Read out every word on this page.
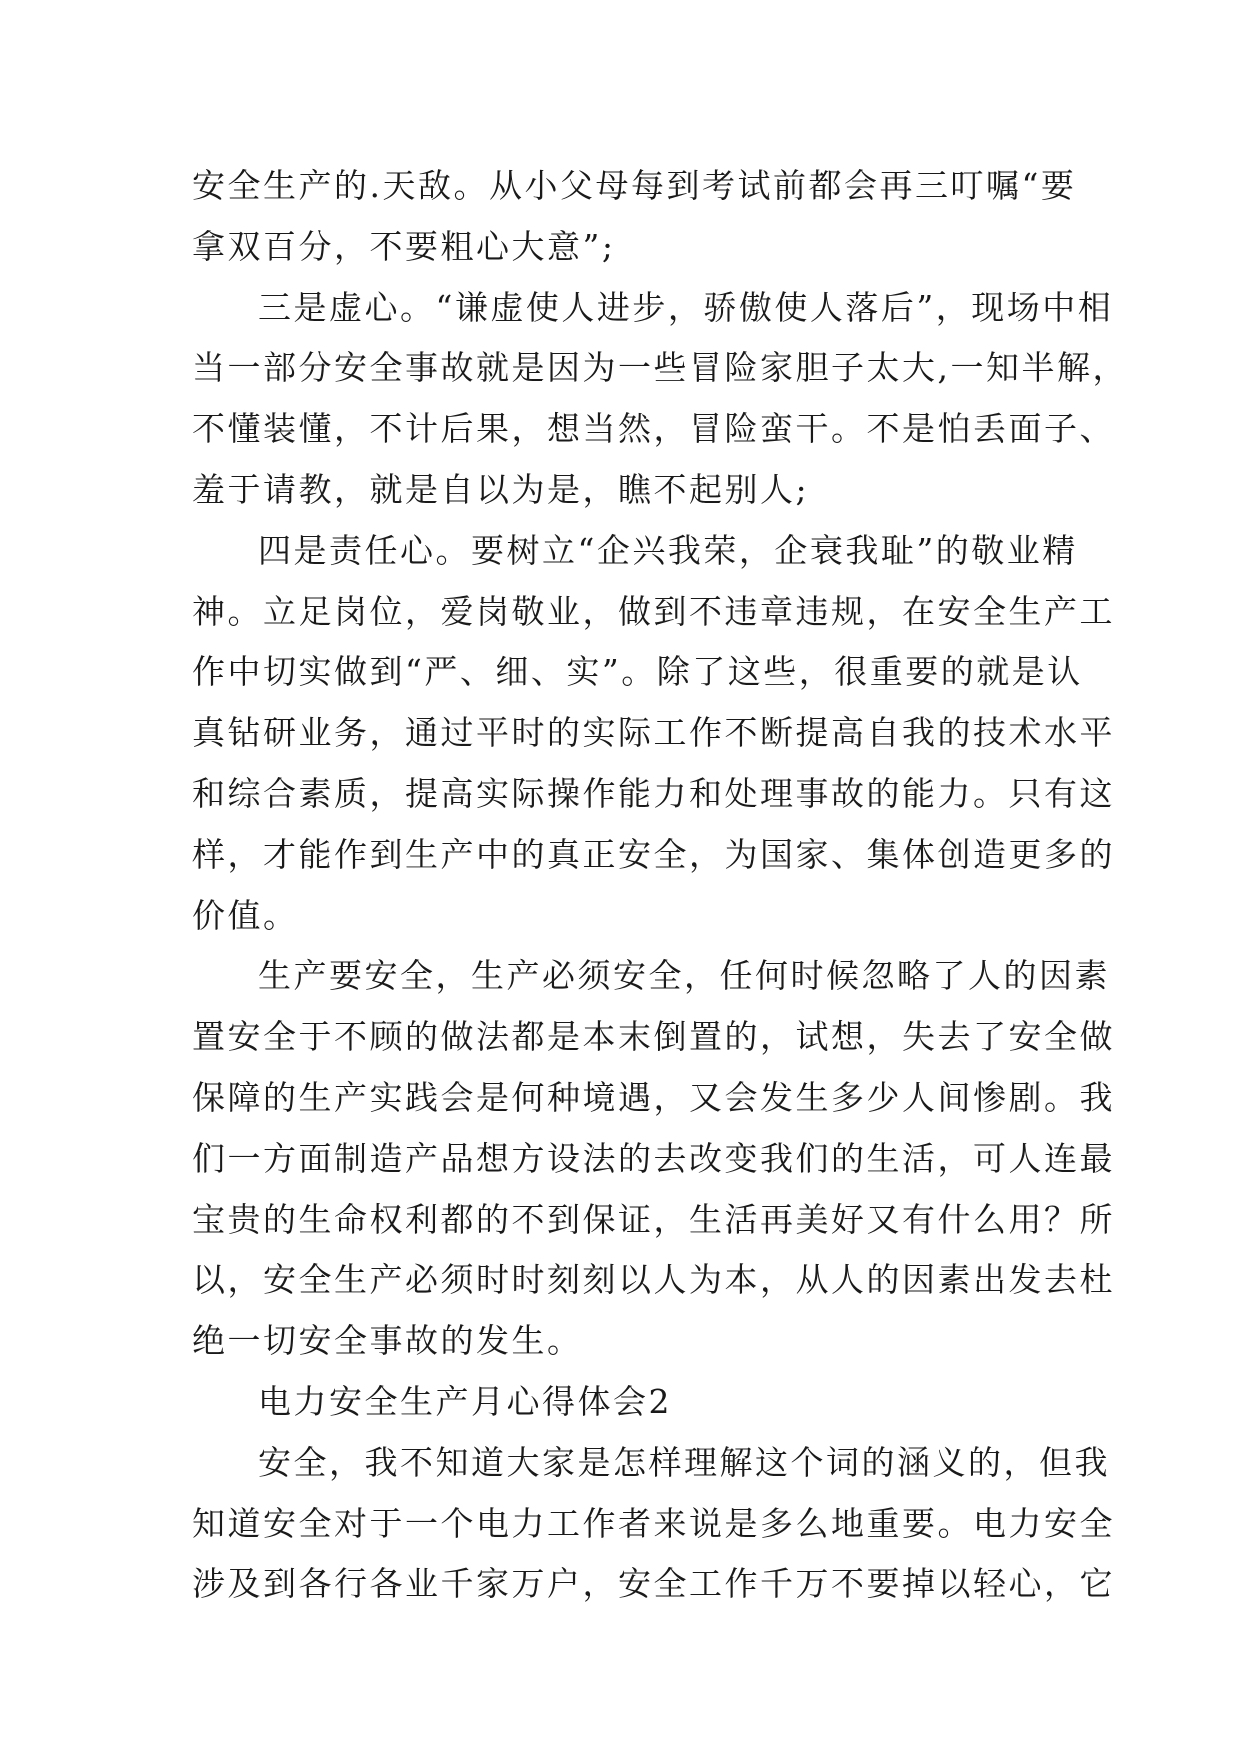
安全生产的.天敌。从小父母每到考试前都会再三叮嘱“要
拿双百分，不要粗心大意”;
三是虚心。“谦虚使人进步，骄傲使人落后”，现场中相
当一部分安全事故就是因为一些冒险家胆子太大,一知半解，
不懂装懂，不计后果，想当然，冒险蛮干。不是怕丢面子、
羞于请教，就是自以为是，瞧不起别人;
四是责任心。要树立“企兴我荣，企衰我耻”的敬业精
神。立足岗位，爱岗敬业，做到不违章违规，在安全生产工
作中切实做到“严、细、实”。除了这些，很重要的就是认
真钻研业务，通过平时的实际工作不断提高自我的技术水平
和综合素质，提高实际操作能力和处理事故的能力。只有这
样，才能作到生产中的真正安全，为国家、集体创造更多的
价值。
生产要安全，生产必须安全，任何时候忽略了人的因素
置安全于不顾的做法都是本末倒置的，试想，失去了安全做
保障的生产实践会是何种境遇，又会发生多少人间惨剧。我
们一方面制造产品想方设法的去改变我们的生活，可人连最
宝贵的生命权利都的不到保证，生活再美好又有什么用？所
以，安全生产必须时时刻刻以人为本，从人的因素出发去杜
绝一切安全事故的发生。
电力安全生产月心得体会2
安全，我不知道大家是怎样理解这个词的涵义的，但我
知道安全对于一个电力工作者来说是多么地重要。电力安全
涉及到各行各业千家万户，安全工作千万不要掉以轻心，它
